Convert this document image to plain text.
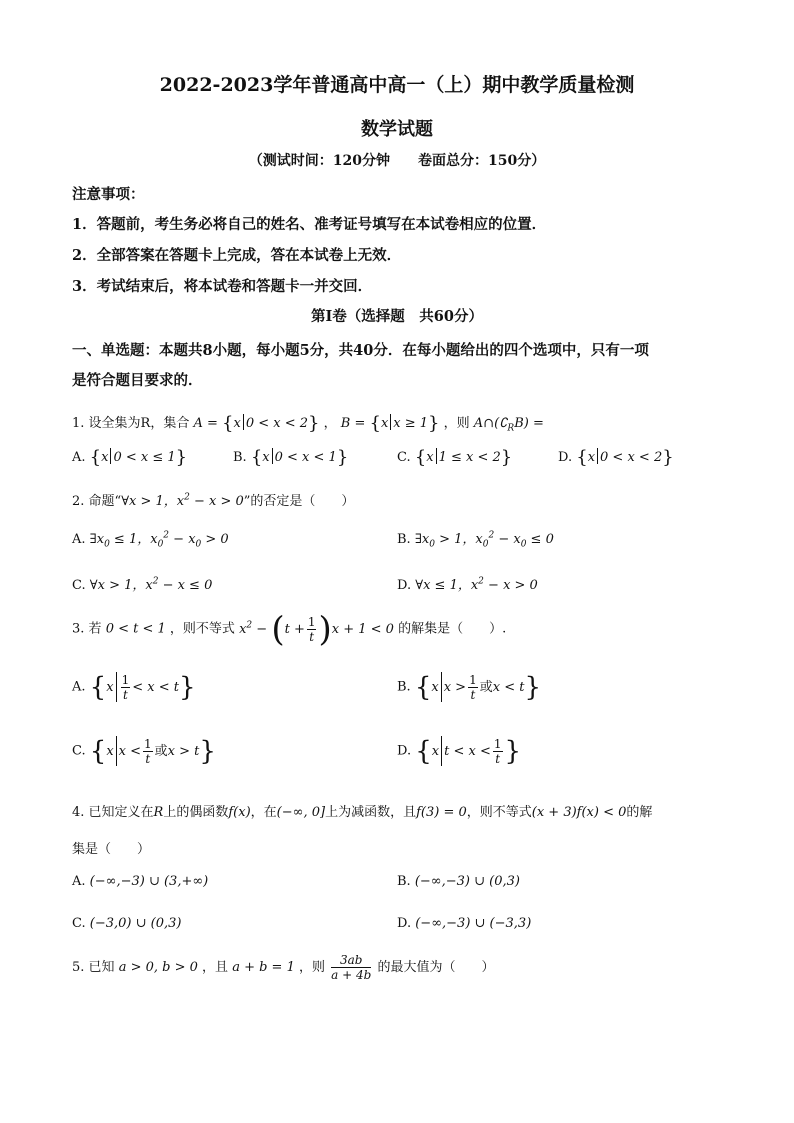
2022-2023学年普通高中高一（上）期中教学质量检测
数学试题
（测试时间：120分钟　　卷面总分：150分）
注意事项：
1．答题前，考生务必将自己的姓名、准考证号填写在本试卷相应的位置．
2．全部答案在答题卡上完成，答在本试卷上无效．
3．考试结束后，将本试卷和答题卡一并交回．
第Ⅰ卷（选择题　共60分）
一、单选题：本题共8小题，每小题5分，共40分．在每小题给出的四个选项中，只有一项
是符合题目要求的．
1. 设全集为R，集合 A = {x 0 < x < 2} ， B = {x x ≥ 1} ，则 $A\cap(∁_RB)$ =
A. {x 0 < x ≤ 1}	B. {x 0 < x < 1}	C. {x 1 ≤ x < 2}	D. {x 0 < x < 2}
2. 命题“∀x > 1，$x^2 - x > 0$”的否定是（　　）
A. $\exists x_0 \le 1$，$x_0^2 - x_0 > 0$	B. $\exists x_0 > 1$，$x_0^2 - x_0 \le 0$
C. ∀x > 1，$x^2 - x \le 0$	D. ∀x ≤ 1，$x^2 - x > 0$
3. 若 0 < t < 1 ，则不等式 $x^2 - (t + \frac{1}{t} )x + 1 < 0$ 的解集是（　　）.
A. $\{x \frac{1}{t} < x < t\}$	B. {x $x > \frac{1}{t}$ 或x < t}
C. {x $x < \frac{1}{t}$ 或x > t}	D. {x $t < x < \frac{1}{t}$ }
4. 已知定义在R上的偶函数f(x)，在(−∞, 0]上为减函数，且f(3) = 0，则不等式(x + 3)f(x) < 0的解
集是（　　）
A. (−∞,−3) ∪ (3,+∞)	B. (−∞,−3) ∪ (0,3)
C. (−3,0) ∪ (0,3)	D. (−∞,−3) ∪ (−3,3)
5. 已知 a > 0, b > 0 ，且 a + b = 1 ，则 $\frac{3ab}{a + 4b}$ 的最大值为（　　）
